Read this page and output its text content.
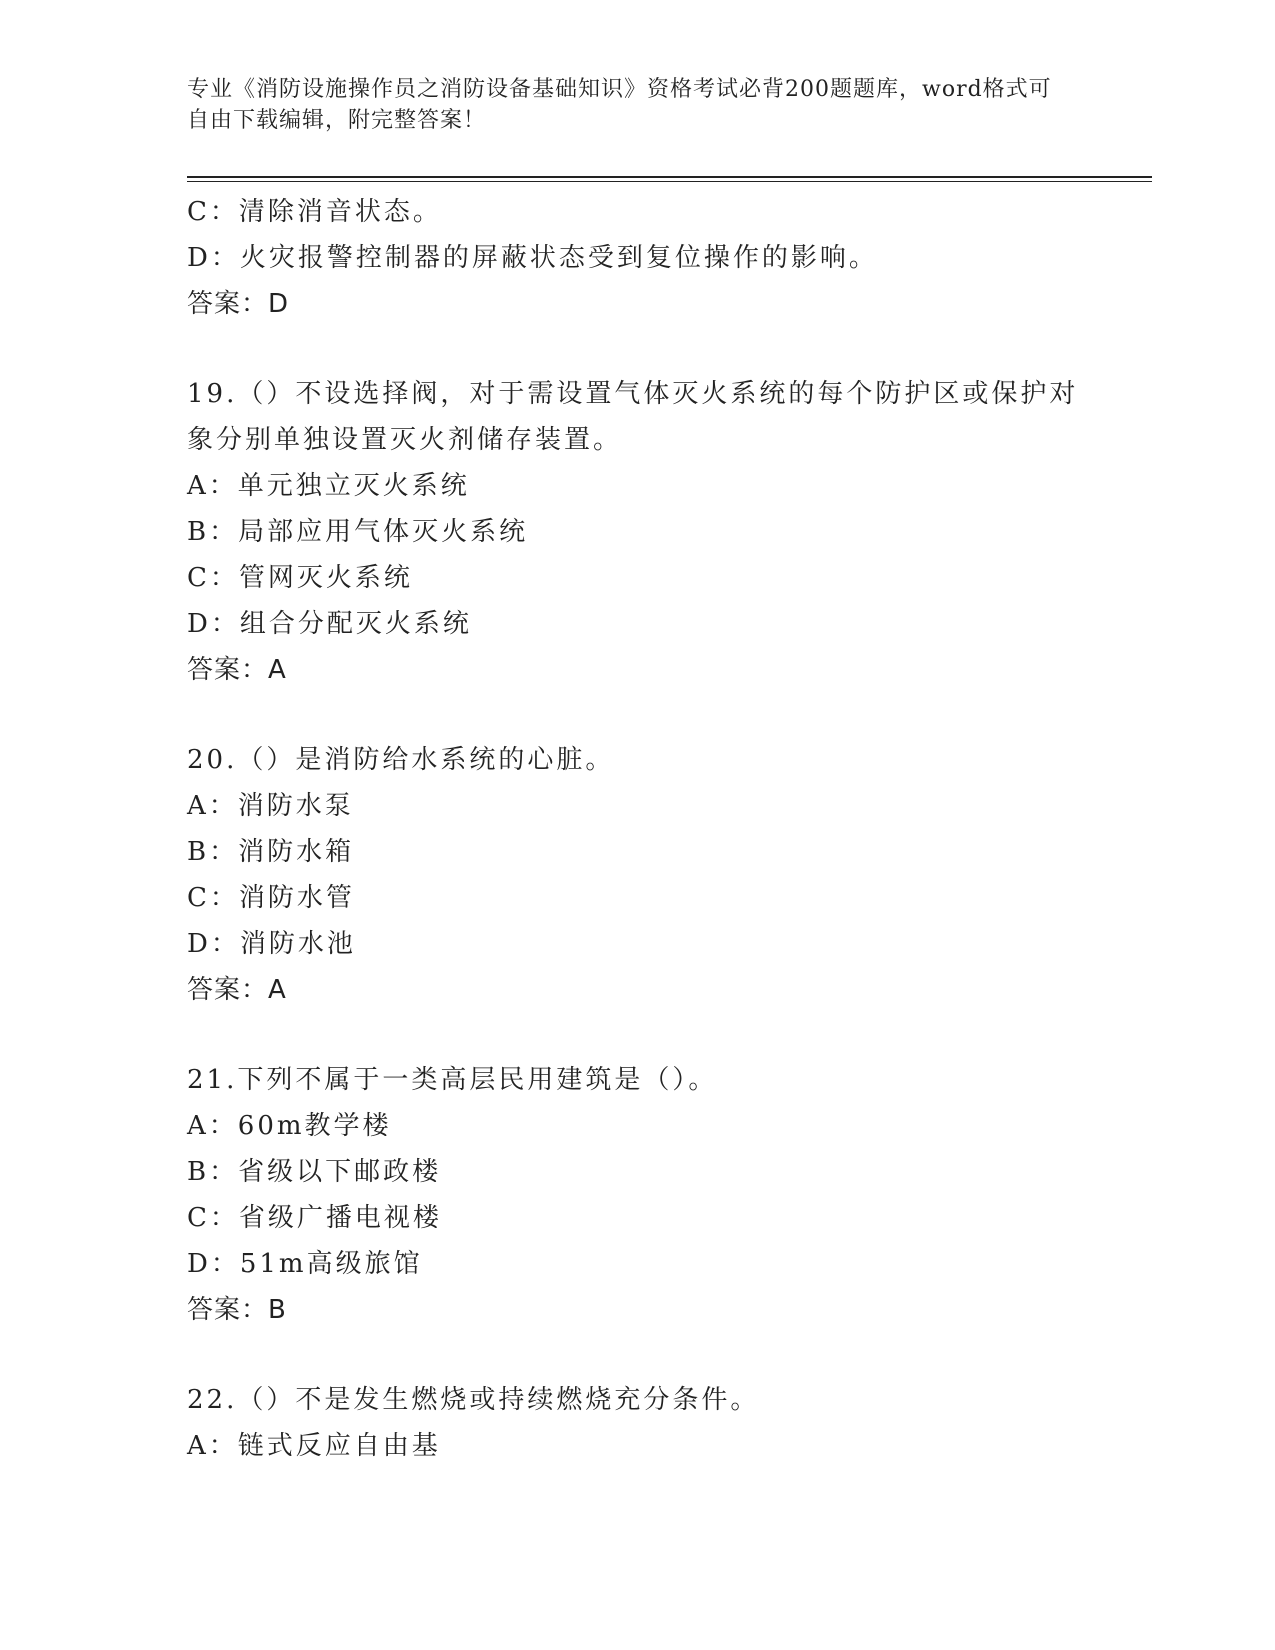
专业《消防设施操作员之消防设备基础知识》资格考试必背200题题库，word格式可自由下载编辑，附完整答案！
C：清除消音状态。
D：火灾报警控制器的屏蔽状态受到复位操作的影响。
答案：D
19.（）不设选择阀，对于需设置气体灭火系统的每个防护区或保护对
象分别单独设置灭火剂储存装置。
A：单元独立灭火系统
B：局部应用气体灭火系统
C：管网灭火系统
D：组合分配灭火系统
答案：A
20.（）是消防给水系统的心脏。
A：消防水泵
B：消防水箱
C：消防水管
D：消防水池
答案：A
21.下列不属于一类高层民用建筑是（）。
A：60m教学楼
B：省级以下邮政楼
C：省级广播电视楼
D：51m高级旅馆
答案：B
22.（）不是发生燃烧或持续燃烧充分条件。
A：链式反应自由基
